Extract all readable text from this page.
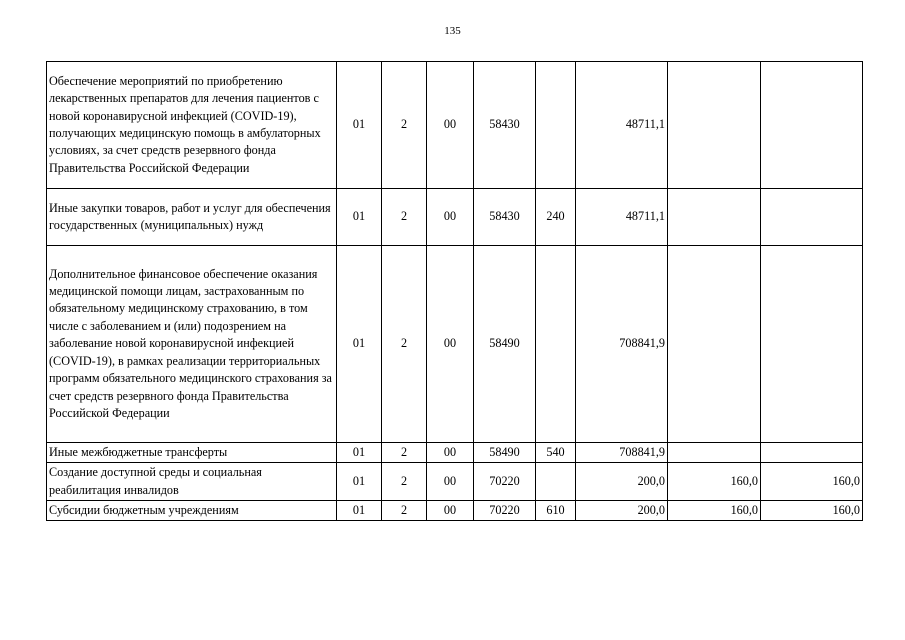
135
Обеспечение мероприятий по приобретению лекарственных препаратов для лечения пациентов с новой коронавирусной инфекцией (COVID-19), получающих медицинскую помощь в амбулаторных условиях, за счет средств резервного фонда Правительства Российской Федерации	01	2	00	58430		48711,1		
Иные закупки товаров, работ и услуг для обеспечения государственных (муниципальных) нужд	01	2	00	58430	240	48711,1		
Дополнительное финансовое обеспечение оказания медицинской помощи лицам, застрахованным по обязательному медицинскому страхованию, в том числе с заболеванием и (или) подозрением на заболевание новой коронавирусной инфекцией (COVID-19), в рамках реализации территориальных программ обязательного медицинского страхования за счет средств резервного фонда Правительства Российской Федерации	01	2	00	58490		708841,9		
Иные межбюджетные трансферты	01	2	00	58490	540	708841,9		
Создание доступной среды и социальная реабилитация инвалидов	01	2	00	70220		200,0	160,0	160,0
Субсидии бюджетным учреждениям	01	2	00	70220	610	200,0	160,0	160,0
